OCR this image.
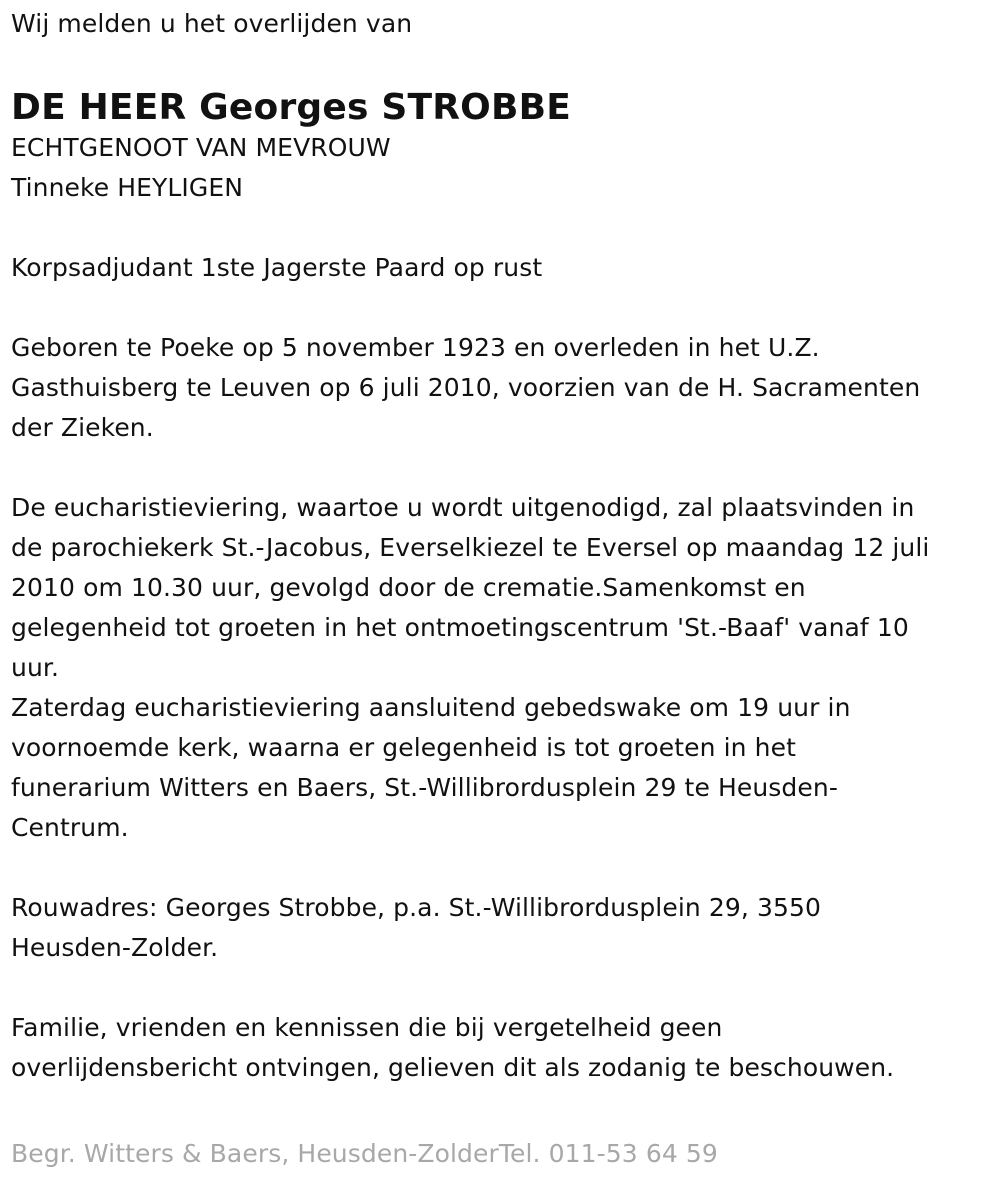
Wij melden u het overlijden van
DE HEER Georges STROBBE
ECHTGENOOT VAN MEVROUW
Tinneke HEYLIGEN
Korpsadjudant 1ste Jagerste Paard op rust

Geboren te Poeke op 5 november 1923 en overleden in het U.Z.

Gasthuisberg te Leuven op 6 juli 2010, voorzien van de H. Sacramenten

der Zieken.

De eucharistieviering, waartoe u wordt uitgenodigd, zal plaatsvinden in

de parochiekerk St.-Jacobus, Everselkiezel te Eversel op maandag 12 juli

2010 om 10.30 uur, gevolgd door de crematie.Samenkomst en

gelegenheid tot groeten in het ontmoetingscentrum 'St.-Baaf' vanaf 10

uur.

Zaterdag eucharistieviering aansluitend gebedswake om 19 uur in

voornoemde kerk, waarna er gelegenheid is tot groeten in het

funerarium Witters en Baers, St.-Willibrordusplein 29 te Heusden-

Centrum.

Rouwadres: Georges Strobbe, p.a. St.-Willibrordusplein 29, 3550

Heusden-Zolder.

Familie, vrienden en kennissen die bij vergetelheid geen

overlijdensbericht ontvingen, gelieven dit als zodanig te beschouwen.

Begr. Witters & Baers, Heusden-ZolderTel. 011-53 64 59
